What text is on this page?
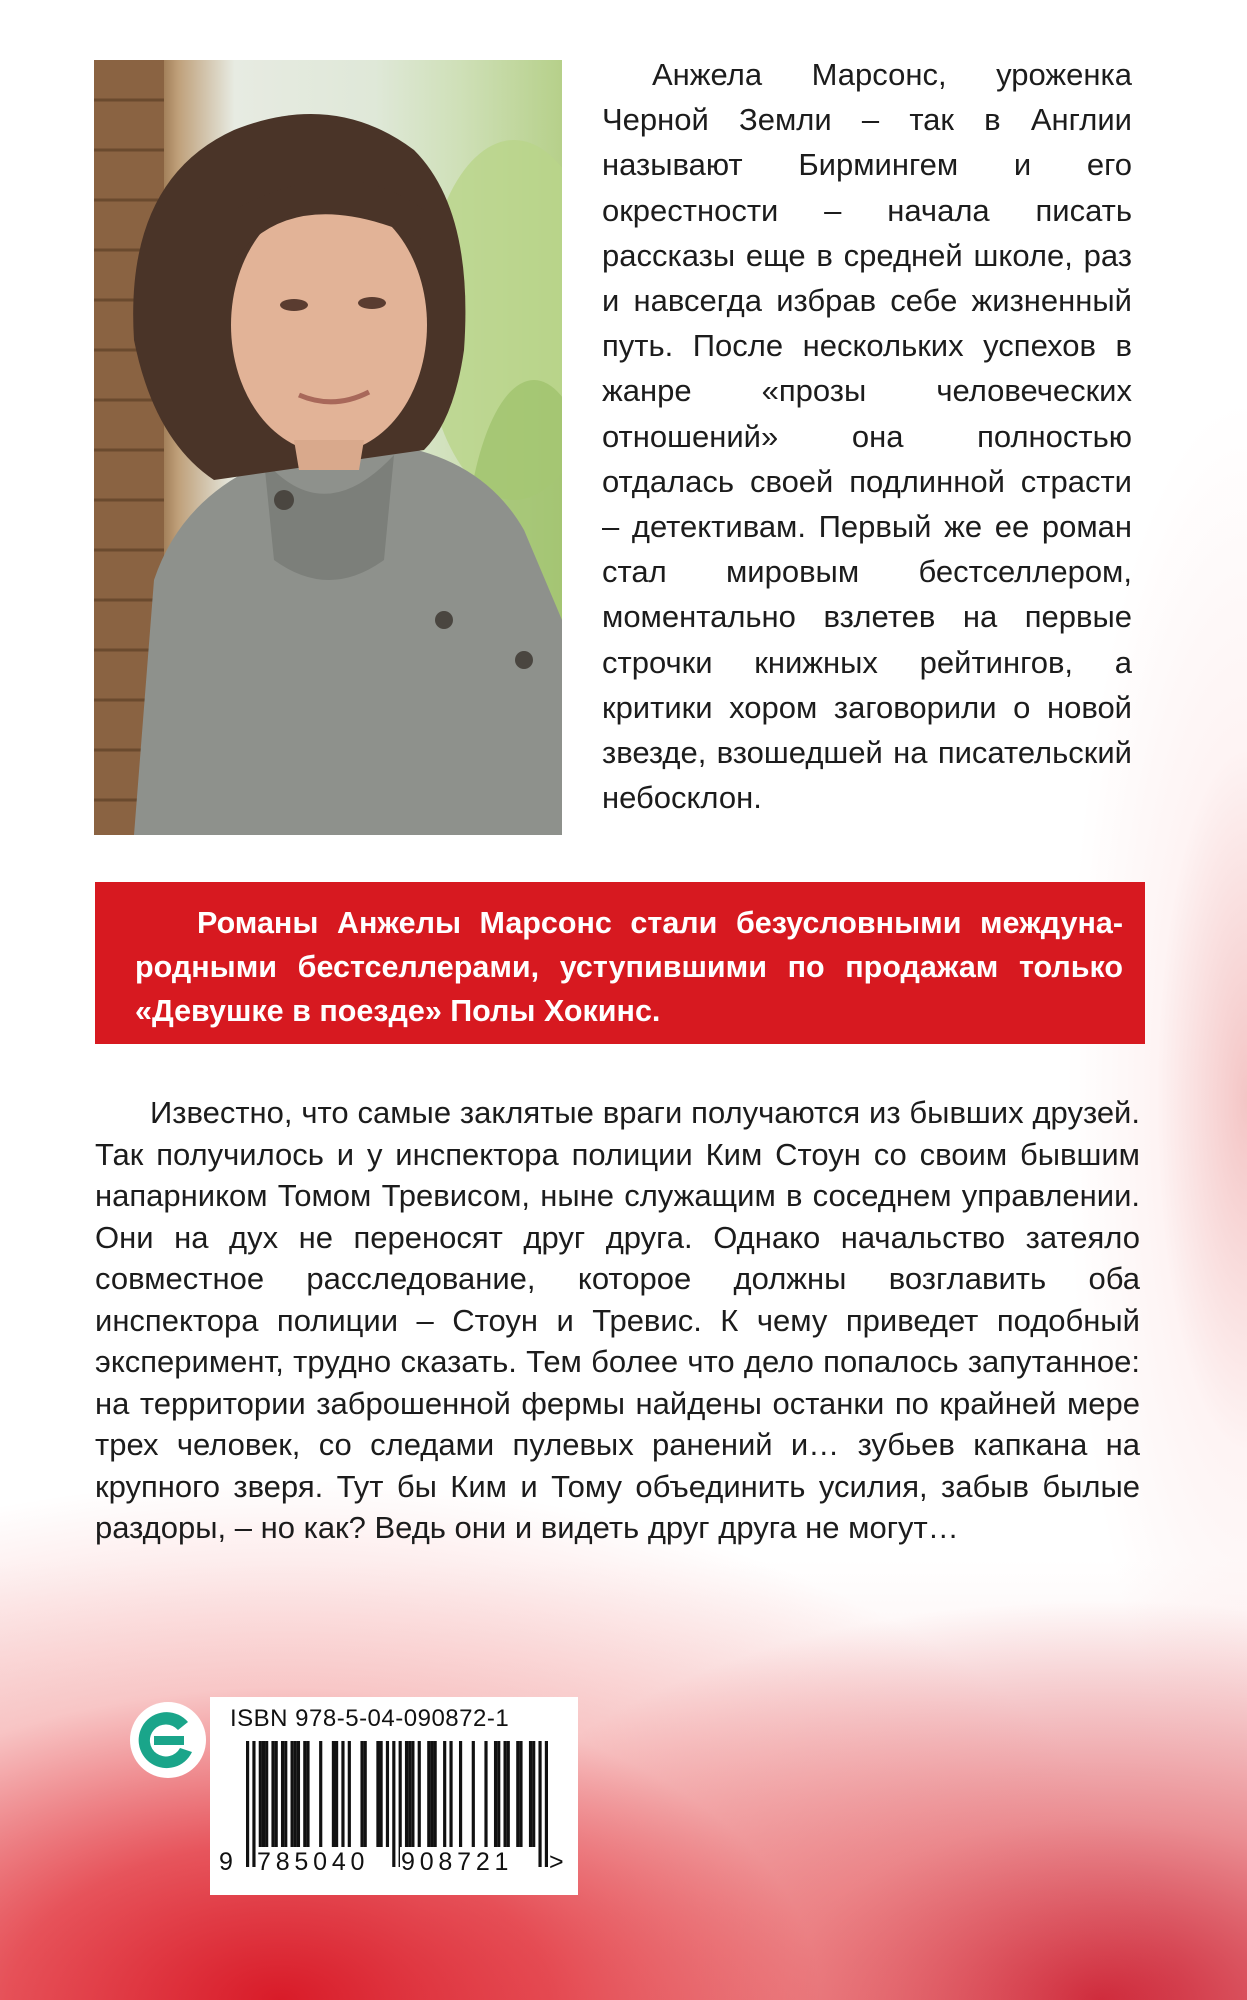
Анжела Марсонс, уроженка Черной Земли – так в Англии называют Бирмингем и его окрестности – начала писать рассказы еще в средней школе, раз и навсегда избрав себе жизненный путь. После нескольких успехов в жанре «прозы человеческих отношений» она полностью отдалась своей подлинной страсти – детективам. Первый же ее роман стал мировым бестселлером, моментально взлетев на первые строчки книжных рейтингов, а критики хором заговорили о новой звезде, взошедшей на писательский небосклон.

Романы Анжелы Марсонс стали безусловными международными бестселлерами, уступившими по продажам только «Девушке в поезде» Полы Хокинс.

Известно, что самые заклятые враги получаются из бывших друзей. Так получилось и у инспектора полиции Ким Стоун со своим бывшим напарником Томом Тревисом, ныне служащим в соседнем управлении. Они на дух не переносят друг друга. Однако начальство затеяло совместное расследование, которое должны возглавить оба инспектора полиции – Стоун и Тревис. К чему приведет подобный эксперимент, трудно сказать. Тем более что дело попалось запутанное: на территории заброшенной фермы найдены останки по крайней мере трех человек, со следами пулевых ранений и… зубьев капкана на крупного зверя. Тут бы Ким и Тому объединить усилия, забыв былые раздоры, – но как? Ведь они и видеть друг друга не могут…

ISBN 978-5-04-090872-1
9 785040 908721 >
